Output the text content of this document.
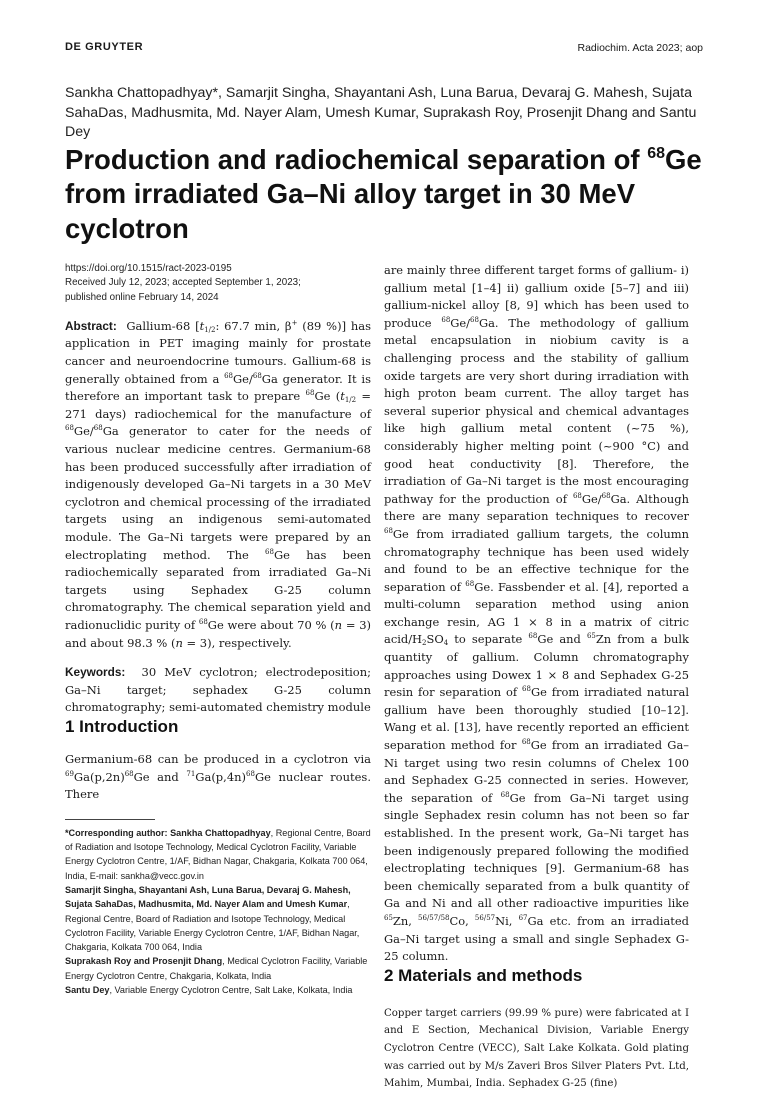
DE GRUYTER	Radiochim. Acta 2023; aop
Sankha Chattopadhyay*, Samarjit Singha, Shayantani Ash, Luna Barua, Devaraj G. Mahesh, Sujata SahaDas, Madhusmita, Md. Nayer Alam, Umesh Kumar, Suprakash Roy, Prosenjit Dhang and Santu Dey
Production and radiochemical separation of $^{68}$Ge from irradiated Ga–Ni alloy target in 30 MeV cyclotron
https://doi.org/10.1515/ract-2023-0195
Received July 12, 2023; accepted September 1, 2023;
published online February 14, 2024

Abstract: Gallium-68 [$t_{1/2}$: 67.7 min, β+ (89 %)] has application in PET imaging mainly for prostate cancer and neuroendocrine tumours. Gallium-68 is generally obtained from a $^{68}$Ge/$^{68}$Ga generator. It is therefore an important task to prepare $^{68}$Ge ($t_{1/2} = 271$ days) radiochemical for the manufacture of $^{68}$Ge/$^{68}$Ga generator to cater for the needs of various nuclear medicine centres. Germanium-68 has been produced successfully after irradiation of indigenously developed Ga–Ni targets in a 30 MeV cyclotron and chemical processing of the irradiated targets using an indigenous semi-automated module. The Ga–Ni targets were prepared by an electroplating method. The $^{68}$Ge has been radiochemically separated from irradiated Ga–Ni targets using Sephadex G-25 column chromatography. The chemical separation yield and radionuclidic purity of $^{68}$Ge were about 70 % (n = 3) and about 98.3 % (n = 3), respectively.

Keywords: 30 MeV cyclotron; electrodeposition; Ga–Ni target; sephadex G-25 column chromatography; semi-automated chemistry module

1 Introduction

Germanium-68 can be produced in a cyclotron via $^{69}Ga(p,2n)^{68}Ge$ and $^{71}Ga(p,4n)^{68}Ge$ nuclear routes. There

*Corresponding author: Sankha Chattopadhyay, Regional Centre, Board of Radiation and Isotope Technology, Medical Cyclotron Facility, Variable Energy Cyclotron Centre, 1/AF, Bidhan Nagar, Chakgaria, Kolkata 700 064, India, E-mail: sankha@vecc.gov.in
Samarjit Singha, Shayantani Ash, Luna Barua, Devaraj G. Mahesh, Sujata SahaDas, Madhusmita, Md. Nayer Alam and Umesh Kumar, Regional Centre, Board of Radiation and Isotope Technology, Medical Cyclotron Facility, Variable Energy Cyclotron Centre, 1/AF, Bidhan Nagar, Chakgaria, Kolkata 700 064, India
Suprakash Roy and Prosenjit Dhang, Medical Cyclotron Facility, Variable Energy Cyclotron Centre, Chakgaria, Kolkata, India
Santu Dey, Variable Energy Cyclotron Centre, Salt Lake, Kolkata, India

are mainly three different target forms of gallium- i) gallium metal [1–4] ii) gallium oxide [5–7] and iii) gallium-nickel alloy [8, 9] which has been used to produce $^{68}$Ge/$^{68}$Ga. The methodology of gallium metal encapsulation in niobium cavity is a challenging process and the stability of gallium oxide targets are very short during irradiation with high proton beam current. The alloy target has several superior physical and chemical advantages like high gallium metal content (~75 %), considerably higher melting point (~900 °C) and good heat conductivity [8]. Therefore, the irradiation of Ga–Ni target is the most encouraging pathway for the production of $^{68}$Ge/$^{68}$Ga. Although there are many separation techniques to recover $^{68}$Ge from irradiated gallium targets, the column chromatography technique has been used widely and found to be an effective technique for the separation of $^{68}$Ge. Fassbender et al. [4], reported a multi-column separation method using anion exchange resin, AG 1 × 8 in a matrix of citric acid/$H_2SO_4$ to separate $^{68}$Ge and $^{65}$Zn from a bulk quantity of gallium. Column chromatography approaches using Dowex 1 × 8 and Sephadex G-25 resin for separation of $^{68}$Ge from irradiated natural gallium have been thoroughly studied [10–12]. Wang et al. [13], have recently reported an efficient separation method for $^{68}$Ge from an irradiated Ga–Ni target using two resin columns of Chelex 100 and Sephadex G-25 connected in series. However, the separation of $^{68}$Ge from Ga–Ni target using single Sephadex resin column has not been so far established. In the present work, Ga–Ni target has been indigenously prepared following the modified electroplating techniques [9]. Germanium-68 has been chemically separated from a bulk quantity of Ga and Ni and all other radioactive impurities like $^{65}$Zn, $^{56/57/58}$Co, $^{56/57}$Ni, $^{67}$Ga etc. from an irradiated Ga–Ni target using a small and single Sephadex G-25 column.

2 Materials and methods

Copper target carriers (99.99 % pure) were fabricated at I and E Section, Mechanical Division, Variable Energy Cyclotron Centre (VECC), Salt Lake Kolkata. Gold plating was carried out by M/s Zaveri Bros Silver Platers Pvt. Ltd, Mahim, Mumbai, India. Sephadex G-25 (fine)
